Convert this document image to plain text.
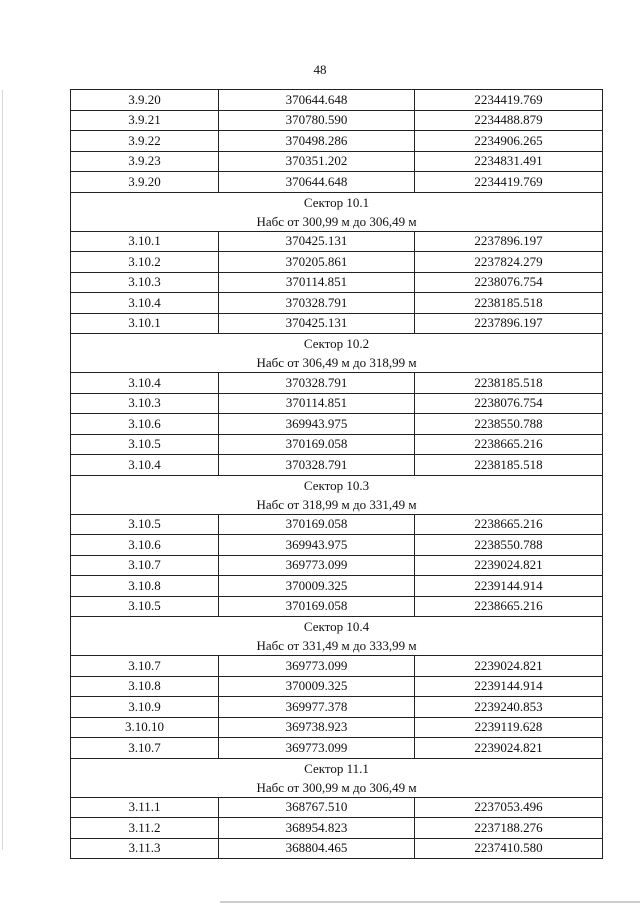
48
3.9.20	370644.648	2234419.769
3.9.21	370780.590	2234488.879
3.9.22	370498.286	2234906.265
3.9.23	370351.202	2234831.491
3.9.20	370644.648	2234419.769

Сектор 10.1
Набс от 300,99 м до 306,49 м		

3.10.1	370425.131	2237896.197
3.10.2	370205.861	2237824.279
3.10.3	370114.851	2238076.754
3.10.4	370328.791	2238185.518
3.10.1	370425.131	2237896.197

Сектор 10.2
Набс от 306,49 м до 318,99 м		

3.10.4	370328.791	2238185.518
3.10.3	370114.851	2238076.754
3.10.6	369943.975	2238550.788
3.10.5	370169.058	2238665.216
3.10.4	370328.791	2238185.518

Сектор 10.3
Набс от 318,99 м до 331,49 м		

3.10.5	370169.058	2238665.216
3.10.6	369943.975	2238550.788
3.10.7	369773.099	2239024.821
3.10.8	370009.325	2239144.914
3.10.5	370169.058	2238665.216

Сектор 10.4
Набс от 331,49 м до 333,99 м		

3.10.7	369773.099	2239024.821
3.10.8	370009.325	2239144.914
3.10.9	369977.378	2239240.853
3.10.10	369738.923	2239119.628
3.10.7	369773.099	2239024.821

Сектор 11.1
Набс от 300,99 м до 306,49 м		

3.11.1	368767.510	2237053.496
3.11.2	368954.823	2237188.276
3.11.3	368804.465	2237410.580
